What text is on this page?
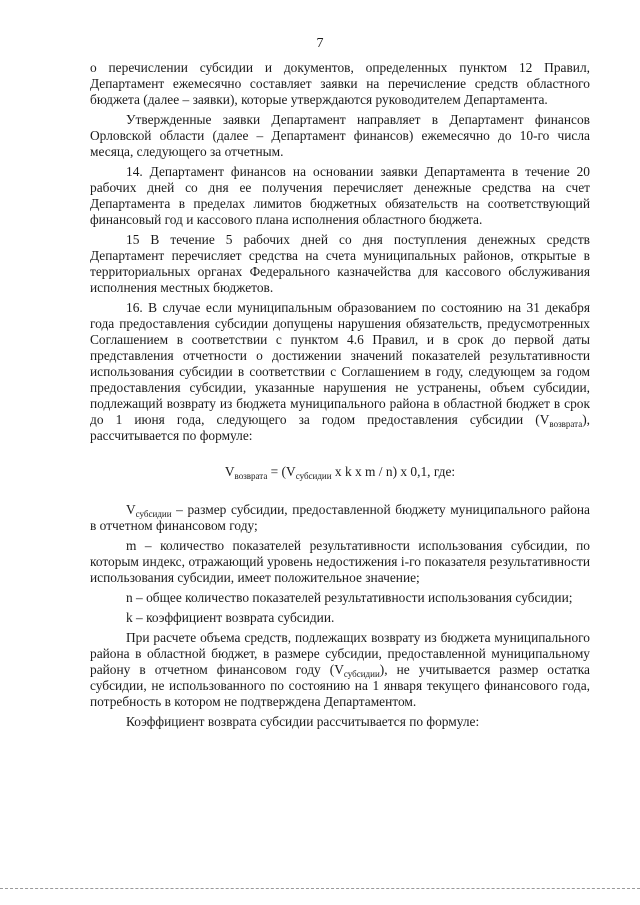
7

о перечислении субсидии и документов, определенных пунктом 12 Правил, Департамент ежемесячно составляет заявки на перечисление средств областного бюджета (далее – заявки), которые утверждаются руководителем Департамента.

Утвержденные заявки Департамент направляет в Департамент финансов Орловской области (далее – Департамент финансов) ежемесячно до 10-го числа месяца, следующего за отчетным.

14. Департамент финансов на основании заявки Департамента в течение 20 рабочих дней со дня ее получения перечисляет денежные средства на счет Департамента в пределах лимитов бюджетных обязательств на соответствующий финансовый год и кассового плана исполнения областного бюджета.

15 В течение 5 рабочих дней со дня поступления денежных средств Департамент перечисляет средства на счета муниципальных районов, открытые в территориальных органах Федерального казначейства для кассового обслуживания исполнения местных бюджетов.

16. В случае если муниципальным образованием по состоянию на 31 декабря года предоставления субсидии допущены нарушения обязательств, предусмотренных Соглашением в соответствии с пунктом 4.6 Правил, и в срок до первой даты представления отчетности о достижении значений показателей результативности использования субсидии в соответствии с Соглашением в году, следующем за годом предоставления субсидии, указанные нарушения не устранены, объем субсидии, подлежащий возврату из бюджета муниципального района в областной бюджет в срок до 1 июня года, следующего за годом предоставления субсидии $(V_{возврата})$, рассчитывается по формуле:

$V_{возврата} = (V_{субсидии}$ x k x m / n) x 0,1, где:

$V_{субсидии}$ – размер субсидии, предоставленной бюджету муниципального района в отчетном финансовом году;

m – количество показателей результативности использования субсидии, по которым индекс, отражающий уровень недостижения i-го показателя результативности использования субсидии, имеет положительное значение;

n – общее количество показателей результативности использования субсидии;

k – коэффициент возврата субсидии.

При расчете объема средств, подлежащих возврату из бюджета муниципального района в областной бюджет, в размере субсидии, предоставленной муниципальному району в отчетном финансовом году $(V_{субсидии})$, не учитывается размер остатка субсидии, не использованного по состоянию на 1 января текущего финансового года, потребность в котором не подтверждена Департаментом.

Коэффициент возврата субсидии рассчитывается по формуле:
